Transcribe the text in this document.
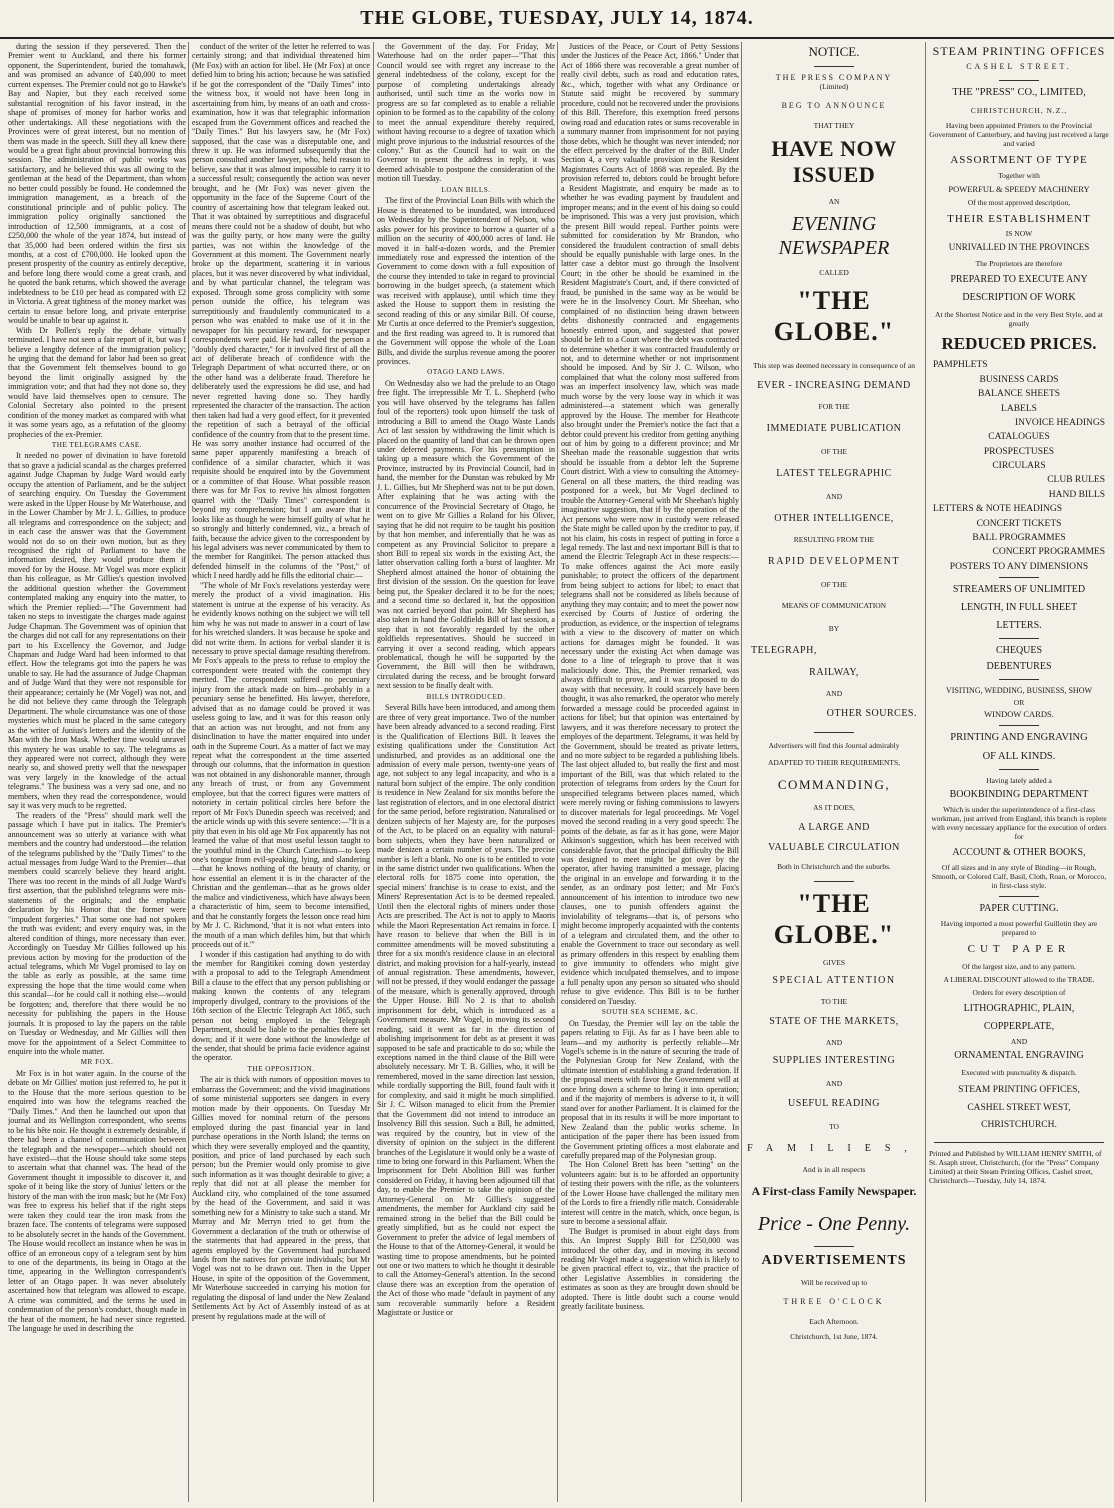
THE GLOBE, TUESDAY, JULY 14, 1874.

during the session if they persevered. Then the Premier went to Auckland, and there his former opponent, the Superintendent, buried the tomahawk, and was promised an advance of £40,000 to meet current expenses. The Premier could not go to Hawke's Bay and Napier, but they each received some substantial recognition of his favor instead, in the shape of promises of money for harbor works and other undertakings. All these negotiations with the Provinces were of great interest, but no mention of them was made in the speech. Still they all knew there would be a great fight about provincial borrowing this session. The administration of public works was satisfactory, and he believed this was all owing to the gentleman at the head of the Department, than whom no better could possibly be found. He condemned the immigration management, as a breach of the constitutional principle and of public policy. The immigration policy originally sanctioned the introduction of 12,500 immigrants, at a cost of £250,000 the whole of the year 1874, but instead of that 35,000 had been ordered within the first six months, at a cost of £700,000. He looked upon the present prosperity of the country as entirely deceptive, and before long there would come a great crash, and he quoted the bank returns, which showed the average indebtedness to be £10 per head as compared with £2 in Victoria. A great tightness of the money market was certain to ensue before long, and private enterprise would be unable to bear up against it.

With Dr Pollen's reply the debate virtually terminated. I have not seen a fair report of it, but was I believe a lengthy defence of the immigration policy; he urging that the demand for labor had been so great that the Government felt themselves bound to go beyond the limit originally assigned by the immigration vote; and that had they not done so, they would have laid themselves open to censure. The Colonial Secretary also pointed to the present condition of the money market as compared with what it was some years ago, as a refutation of the gloomy prophecies of the ex-Premier.

THE TELEGRAMS CASE.

It needed no power of divination to have foretold that so grave a judicial scandal as the charges preferred against Judge Chapman by Judge Ward would early occupy the attention of Parliament, and be the subject of searching enquiry. On Tuesday the Government were asked in the Upper House by Mr Waterhouse, and in the Lower Chamber by Mr J. L. Gillies, to produce all telegrams and correspondence on the subject; and in each case the answer was that the Government would not do so on their own motion, but as they recognised the right of Parliament to have the information desired, they would produce them if moved for by the House. Mr Vogel was more explicit than his colleague, as Mr Gillies's question involved the additional question whether the Government contemplated making any enquiry into the matter, to which the Premier replied:—"The Government had taken no steps to investigate the charges made against Judge Chapman. The Government was of opinion that the charges did not call for any representations on their part to his Excellency the Governor, and Judge Chapman and Judge Ward had been informed to that effect. How the telegrams got into the papers he was unable to say. He had the assurance of Judge Chapman and of Judge Ward that they were not responsible for their appearance; certainly he (Mr Vogel) was not, and he did not believe they came through the Telegraph Department. The whole circumstance was one of those mysteries which must be placed in the same category as the writer of Junius's letters and the identity of the Man with the Iron Mask. Whether time would unravel this mystery he was unable to say. The telegrams as they appeared were not correct, although they were nearly so, and showed pretty well that the newspaper was very largely in the knowledge of the actual telegrams." The business was a very sad one, and no members, when they read the correspondence, would say it was very much to be regretted.

The readers of the "Press" should mark well the passage which I have put in italics. The Premier's announcement was so utterly at variance with what members and the country had understood—the relation of the telegrams published by the "Daily Times" to the actual messages from Judge Ward to the Premier—that members could scarcely believe they heard aright. There was too recent in the minds of all Judge Ward's first assertion, that the published telegrams were mis-statements of the originals; and the emphatic declaration by his Honor that the former were "impudent forgeries." That some one had not spoken the truth was evident; and every enquiry was, in the altered condition of things, more necessary than ever. Accordingly on Tuesday Mr Gillies followed up his previous action by moving for the production of the actual telegrams, which Mr Vogel promised to lay on the table as early as possible, at the same time expressing the hope that the time would come when this scandal—for he could call it nothing else—would be forgotten; and, therefore that there would be no necessity for publishing the papers in the House journals. It is proposed to lay the papers on the table on Tuesday or Wednesday, and Mr Gillies will then move for the appointment of a Select Committee to enquire into the whole matter.

MR FOX.

Mr Fox is in hot water again. In the course of the debate on Mr Gillies' motion just referred to, he put it to the House that the more serious question to be enquired into was how the telegrams reached the "Daily Times." And then he launched out upon that journal and its Wellington correspondent, who seems to be his bête noir. He thought it extremely desirable, if there had been a channel of communication between the telegraph and the newspaper—which should not have existed—that the House should take some steps to ascertain what that channel was. The head of the Government thought it impossible to discover it, and spoke of it being like the story of Junius' letters or the history of the man with the iron mask; but he (Mr Fox) was free to express his belief that if the right steps were taken they could tear the iron mask from the brazen face. The contents of telegrams were supposed to be absolutely secret in the hands of the Government. The House would recollect an instance when he was in office of an erroneous copy of a telegram sent by him to one of the departments, its being in Otago at the time, appearing in the Wellington correspondent's letter of an Otago paper. It was never absolutely ascertained how that telegram was allowed to escape. A crime was committed, and the terms he used in condemnation of the person's conduct, though made in the heat of the moment, he had never since regretted. The language he used in describing the

conduct of the writer of the letter he referred to was certainly strong; and that individual threatened him (Mr Fox) with an action for libel. He (Mr Fox) at once defied him to bring his action; because he was satisfied if he got the correspondent of the "Daily Times" into the witness box, it would not have been long in ascertaining from him, by means of an oath and cross-examination, how it was that telegraphic information escaped from the Government offices and reached the "Daily Times." But his lawyers saw, he (Mr Fox) supposed, that the case was a disreputable one, and threw it up. He was informed subsequently that the person consulted another lawyer, who, held reason to believe, saw that it was almost impossible to carry it to a successful result; consequently the action was never brought, and he (Mr Fox) was never given the opportunity in the face of the Supreme Court of the country of ascertaining how that telegram leaked out. That it was obtained by surreptitious and disgraceful means there could not be a shadow of doubt, but who was the guilty party, or how many were the guilty parties, was not within the knowledge of the Government at this moment. The Government nearly broke up the department, scattering it in various places, but it was never discovered by what individual, and by what particular channel, the telegram was exposed. Through some gross complicity with some person outside the office, his telegram was surreptitiously and fraudulently communicated to a person who was enabled to make use of it in the newspaper for his pecuniary reward, for newspaper correspondents were paid. He had called the person a "doubly dyed character," for it involved first of all the act of deliberate breach of confidence with the Telegraph Department of what occurred there, or on the other hand was a deliberate fraud. Therefore he deliberately used the expressions he did use, and had never regretted having done so. They hardly represented the character of the transaction. The action then taken had had a very good effect, for it prevented the repetition of such a betrayal of the official confidence of the country from that to the present time. He was sorry another instance had occurred of the same paper apparently manifesting a breach of confidence of a similar character, which it was requisite should be enquired into by the Government or a committee of that House. What possible reason there was for Mr Fox to revive his almost forgotten quarrel with the "Daily Times" correspondent is beyond my comprehension; but I am aware that it looks like as though he were himself guilty of what he so strongly and bitterly condemned, viz., a breach of faith, because the advice given to the correspondent by his legal advisers was never communicated by them to the member for Rangitikei. The person attacked thus defended himself in the columns of the "Post," of which I need hardly add he fills the editorial chair:—

"The whole of Mr Fox's revelations yesterday were merely the product of a vivid imagination. His statement is untrue at the expense of his veracity. As he evidently knows nothing on the subject we will tell him why he was not made to answer in a court of law for his wretched slanders. It was because he spoke and did not write them. In actions for verbal slander it is necessary to prove special damage resulting therefrom. Mr Fox's appeals to the press to refuse to employ the correspondent were treated with the contempt they merited. The correspondent suffered no pecuniary injury from the attack made on him—probably in a pecuniary sense he benefitted. His lawyer, therefore, advised that as no damage could be proved it was useless going to law, and it was for this reason only that an action was not brought, and not from any disinclination to have the matter enquired into under oath in the Supreme Court. As a matter of fact we may repeat what the correspondent at the time asserted through our columns, that the information in question was not obtained in any dishonorable manner, through any breach of trust, or from any Government employee, but that the correct figures were matters of notoriety in certain political circles here before the report of Mr Fox's Dunedin speech was received; and the article winds up with this severe sentence:—"It is a pity that even in his old age Mr Fox apparently has not learned the value of that most useful lesson taught to the youthful mind in the Church Catechism—to keep one's tongue from evil-speaking, lying, and slandering—that he knows nothing of the beauty of charity, or how essential an element it is in the character of the Christian and the gentleman—that as he grows older the malice and vindictiveness, which have always been a characteristic of him, seem to become intensified, and that he constantly forgets the lesson once read him by Mr J. C. Richmond, 'that it is not what enters into the mouth of a man which defiles him, but that which proceeds out of it.'"

I wonder if this castigation had anything to do with the member for Rangitikei coming down yesterday with a proposal to add to the Telegraph Amendment Bill a clause to the effect that any person publishing or making known the contents of any telegram improperly divulged, contrary to the provisions of the 16th section of the Electric Telegraph Act 1865, such person not being employed in the Telegraph Department, should be liable to the penalties there set down; and if it were done without the knowledge of the sender, that should be prima facie evidence against the operator.

THE OPPOSITION.

The air is thick with rumors of opposition moves to embarrass the Government; and the vivid imaginations of some ministerial supporters see dangers in every motion made by their opponents. On Tuesday Mr Gillies moved for nominal return of the persons employed during the past financial year in land purchase operations in the North Island; the terms on which they were severally employed and the quantity, position, and price of land purchased by each such person; but the Premier would only promise to give such information as it was thought desirable to give; a reply that did not at all please the member for Auckland city, who complained of the tone assumed by the head of the Government, and said it was something new for a Ministry to take such a stand. Mr Murray and Mr Merryn tried to get from the Government a declaration of the truth or otherwise of the statements that had appeared in the press, that agents employed by the Government had purchased lands from the natives for private individuals; but Mr Vogel was not to be drawn out. Then in the Upper House, in spite of the opposition of the Government, Mr Waterhouse succeeded in carrying his motion for regulating the disposal of land under the New Zealand Settlements Act by Act of Assembly instead of as at present by regulations made at the will of

the Government of the day. For Friday, Mr Waterhouse had on the order paper—"That this Council would see with regret any increase to the general indebtedness of the colony, except for the purpose of completing undertakings already authorised, until such time as the works now in progress are so far completed as to enable a reliable opinion to be formed as to the capability of the colony to meet the annual expenditure thereby required, without having recourse to a degree of taxation which might prove injurious to the industrial resources of the colony." But as the Council had to wait on the Governor to present the address in reply, it was deemed advisable to postpone the consideration of the motion till Tuesday.

LOAN BILLS.

The first of the Provincial Loan Bills with which the House is threatened to be inundated, was introduced on Wednesday by the Superintendent of Nelson, who asks power for his province to borrow a quarter of a million on the security of 400,000 acres of land. He moved it in half-a-dozen words, and the Premier immediately rose and expressed the intention of the Government to come down with a full exposition of the course they intended to take in regard to provincial borrowing in the budget speech, (a statement which was received with applause), until which time they asked the House to support them in resisting the second reading of this or any similar Bill. Of course, Mr Curtis at once deferred to the Premier's suggestion, and the first reading was agreed to. It is rumored that the Government will oppose the whole of the Loan Bills, and divide the surplus revenue among the poorer provinces.

OTAGO LAND LAWS.

On Wednesday also we had the prelude to an Otago free fight. The irrepressible Mr T. L. Shepherd (who you will have observed by the telegrams has fallen foul of the reporters) took upon himself the task of introducing a Bill to amend the Otago Waste Lands Act of last session by withdrawing the limit which is placed on the quantity of land that can be thrown open under deferred payments. For his presumption in taking up a measure which the Government of the Province, instructed by its Provincial Council, had in hand, the member for the Dunstan was rebuked by Mr J. L. Gillies, but Mr Shepherd was not to be put down. After explaining that he was acting with the concurrence of the Provincial Secretary of Otago, he went on to give Mr Gillies a Roland for his Oliver, saying that he did not require to be taught his position by that hon member, and inferentially that he was as competent as any Provincial Solicitor to prepare a short Bill to repeal six words in the existing Act, the latter observation calling forth a burst of laughter. Mr Shepherd almost attained the honor of obtaining the first division of the session. On the question for leave being put, the Speaker declared it to be for the noes; and a second time so declared it, but the opposition was not carried beyond that point. Mr Shepherd has also taken in hand the Goldfields Bill of last session, a step that is not favorably regarded by the other goldfields representatives. Should he succeed in carrying it over a second reading, which appears problematical, though he will be supported by the Government, the Bill will then be withdrawn, circulated during the recess, and be brought forward next session to be finally dealt with.

BILLS INTRODUCED.

Several Bills have been introduced, and among them are three of very great importance. Two of the number have been already advanced to a second reading. First is the Qualification of Elections Bill. It leaves the existing qualifications under the Constitution Act undisturbed, and provides as an additional one the admission of every male person, twenty-one years of age, not subject to any legal incapacity, and who is a natural born subject of the empire. The only condition is residence in New Zealand for six months before the last registration of electors, and in one electoral district for the same period, before registration. Naturalised or denizen subjects of her Majesty are, for the purposes of the Act, to be placed on an equality with natural-born subjects, when they have been naturalized or made denizen a certain number of years. The precise number is left a blank. No one is to be entitled to vote in the same district under two qualifications. When the electoral rolls for 1875 come into operation, the special miners' franchise is to cease to exist, and the Miners' Representation Act is to be deemed repealed. Until then the electoral rights of miners under those Acts are prescribed. The Act is not to apply to Maoris while the Maori Representation Act remains in force. I have reason to believe that when the Bill is in committee amendments will be moved substituting a three for a six month's residence clause in an electoral district, and making provision for a half-yearly, instead of annual registration. These amendments, however, will not be pressed, if they would endanger the passage of the measure, which is generally approved, through the Upper House. Bill No 2 is that to abolish imprisonment for debt, which is introduced as a Government measure. Mr Vogel, in moving its second reading, said it went as far in the direction of abolishing imprisonment for debt as at present it was supposed to be safe and practicable to do so; while the exceptions named in the third clause of the Bill were absolutely necessary. Mr T. B. Gillies, who, it will be remembered, moved in the same direction last session, while cordially supporting the Bill, found fault with it for complexity, and said it might be much simplified. Sir J. C. Wilson managed to elicit from the Premier that the Government did not intend to introduce an Insolvency Bill this session. Such a Bill, he admitted, was required by the country, but in view of the diversity of opinion on the subject in the different branches of the Legislature it would only be a waste of time to bring one forward in this Parliament. When the Imprisonment for Debt Abolition Bill was further considered on Friday, it having been adjourned till that day, to enable the Premier to take the opinion of the Attorney-General on Mr Gillies's suggested amendments, the member for Auckland city said he remained strong in the belief that the Bill could be greatly simplified, but as he could not expect the Government to prefer the advice of legal members of the House to that of the Attorney-General, it would be wasting time to propose amendments, but he pointed out one or two matters to which he thought it desirable to call the Attorney-General's attention. In the second clause there was an exception from the operation of the Act of those who made "default in payment of any sum recoverable summarily before a Resident Magistrate or Justice or

Justices of the Peace, or Court of Petty Sessions under the Justices of the Peace Act, 1866." Under that Act of 1866 there was recoverable a great number of really civil debts, such as road and education rates, &c., which, together with what any Ordinance or Statute said might be recovered by summary procedure, could not be recovered under the provisions of this Bill. Therefore, this exemption freed persons owing road and education rates or sums recoverable in a summary manner from imprisonment for not paying those debts, which he thought was never intended; nor the effect perceived by the drafter of the Bill. Under Section 4, a very valuable provision in the Resident Magistrates Courts Act of 1868 was repealed. By the provision referred to, debtors could be brought before a Resident Magistrate, and enquiry be made as to whether he was evading payment by fraudulent and improper means; and in the event of his doing so could be imprisoned. This was a very just provision, which the present Bill would repeal. Further points were submitted for consideration by Mr Brandon, who considered the fraudulent contraction of small debts should be equally punishable with large ones. In the latter case a debtor must go through the Insolvent Court; in the other he should be examined in the Resident Magistrate's Court, and, if there convicted of fraud, be punished in the same way as he would be were he in the Insolvency Court. Mr Sheehan, who complained of no distinction being drawn between debts dishonestly contracted and engagements honestly entered upon, and suggested that power should be left to a Court where the debt was contracted to determine whether it was contracted fraudulently or not, and to determine whether or not imprisonment should be imposed. And by Sir J. C. Wilson, who complained that what the colony most suffered from was an imperfect insolvency law, which was made much worse by the very loose way in which it was administered—a statement which was generally approved by the House. The member for Heathcote also brought under the Premier's notice the fact that a debtor could prevent his creditor from getting anything out of him by going to a different province; and Mr Sheehan made the reasonable suggestion that writs should be issuable from a debtor left the Supreme Court district. With a view to consulting the Attorney-General on all these matters, the third reading was postponed for a week, but Mr Vogel declined to trouble the Attorney-General with Mr Sheehan's highly imaginative suggestion, that if by the operation of the Act persons who were now in custody were released the State might be called upon by the creditor to pay, if not his claim, his costs in respect of putting in force a legal remedy. The last and next important Bill is that to amend the Electric Telegraph Act in these respects:—To make offences against the Act more easily punishable; to protect the officers of the department from being subject to actions for libel; to enact that telegrams shall not be considered as libels because of anything they may contain; and to meet the power now exercised by Courts of Justice of ordering the production, as evidence, or the inspection of telegrams with a view to the discovery of matter on which actions for damages might be founded. It was necessary under the existing Act when damage was done to a line of telegraph to prove that it was maliciously done. This, the Premier remarked, was always difficult to prove, and it was proposed to do away with that necessity. It could scarcely have been thought, it was also remarked, the operator who merely forwarded a message could be proceeded against in actions for libel; but that opinion was entertained by lawyers, and it was therefore necessary to protect the employes of the department. Telegrams, it was held by the Government, should be treated as private letters, and no more subject to be regarded a publishing libels. The last object alluded to, but really the first and most important of the Bill, was that which related to the protection of telegrams from orders by the Court for unspecified telegrams between places named, which were merely roving or fishing commissions to lawyers to discover materials for legal proceedings. Mr Vogel moved the second reading in a very good speech: The points of the debate, as far as it has gone, were Major Atkinson's suggestion, which has been received with considerable favor, that the principal difficulty the Bill was designed to meet might be got over by the operator, after having transmitted a message, placing the original in an envelope and forwarding it to the sender, as an ordinary post letter; and Mr Fox's announcement of his intention to introduce two new clauses, one to punish offenders against the inviolability of telegrams—that is, of persons who might become improperly acquainted with the contents of a telegram and circulated them, and the other to enable the Government to trace out secondary as well as primary offenders in this respect by enabling them to give immunity to offenders who might give evidence which inculpated themselves, and to impose a full penalty upon any person so situated who should refuse to give evidence. This Bill is to be further considered on Tuesday.

SOUTH SEA SCHEME, &C.

On Tuesday, the Premier will lay on the table the papers relating to Fiji. As far as I have been able to learn—and my authority is perfectly reliable—Mr Vogel's scheme is in the nature of securing the trade of the Polynesian Group for New Zealand, with the ultimate intention of establishing a grand federation. If the proposal meets with favor the Government will at once bring down a scheme to bring it into operation; and if the majority of members is adverse to it, it will stand over for another Parliament. It is claimed for the proposal that in its results it will be more important to New Zealand than the public works scheme. In anticipation of the paper there has been issued from the Government printing offices a most elaborate and carefully prepared map of the Polynesian group.

The Hon Colonel Brett has been "setting" on the volunteers again: but is to be afforded an opportunity of testing their powers with the rifle, as the volunteers of the Lower House have challenged the military men of the Lords to fire a friendly rifle match. Considerable interest will centre in the match, which, once begun, is sure to become a sessional affair.

The Budget is promised in about eight days from this. An Imprest Supply Bill for £250,000 was introduced the other day, and in moving its second reading Mr Vogel made a suggestion which is likely to be given practical effect to, viz., that the practice of other Legislative Assemblies in considering the estimates as soon as they are brought down should be adopted. There is little doubt such a course would greatly facilitate business.

NOTICE.
THE PRESS COMPANY
(Limited)
BEG TO ANNOUNCE
THAT THEY
HAVE NOW ISSUED
AN
EVENING NEWSPAPER
CALLED
"THE GLOBE."
This step was deemed necessary in consequence of an
EVER - INCREASING DEMAND
FOR THE
IMMEDIATE PUBLICATION
OF THE
LATEST TELEGRAPHIC
AND
OTHER INTELLIGENCE,
RESULTING FROM THE
RAPID DEVELOPMENT
OF THE
MEANS OF COMMUNICATION
BY
TELEGRAPH,
RAILWAY,
AND
OTHER SOURCES.
Advertisers will find this Journal admirably
ADAPTED TO THEIR REQUIREMENTS,
COMMANDING,
AS IT DOES,
A LARGE AND
VALUABLE CIRCULATION
Both in Christchurch and the suburbs.
"THE GLOBE."
GIVES
SPECIAL ATTENTION
TO THE
STATE OF THE MARKETS,
AND
SUPPLIES INTERESTING
AND
USEFUL READING
TO
FAMILIES,
And is in all respects
A First-class Family Newspaper.
Price - One Penny.
ADVERTISEMENTS
Will be received up to
THREE O'CLOCK
Each Afternoon.
Christchurch, 1st June, 1874.
STEAM PRINTING OFFICES
CASHEL STREET.
THE "PRESS" CO., LIMITED,
CHRISTCHURCH, N.Z.,
Having been appointed Printers to the Provincial Government of Canterbury, and having just received a large and varied
ASSORTMENT OF TYPE
Together with
POWERFUL & SPEEDY MACHINERY
Of the most approved description,
THEIR ESTABLISHMENT
IS NOW
UNRIVALLED IN THE PROVINCES
The Proprietors are therefore
PREPARED TO EXECUTE ANY
DESCRIPTION OF WORK
At the Shortest Notice and in the very Best Style, and at greatly
REDUCED PRICES.
PAMPHLETS
BUSINESS CARDS
BALANCE SHEETS
LABELS
INVOICE HEADINGS
CATALOGUES
PROSPECTUSES
CIRCULARS
CLUB RULES
HAND BILLS
LETTERS & NOTE HEADINGS
CONCERT TICKETS
BALL PROGRAMMES
CONCERT PROGRAMMES
POSTERS TO ANY DIMENSIONS
STREAMERS OF UNLIMITED
LENGTH, IN FULL SHEET
LETTERS.
CHEQUES
DEBENTURES
VISITING, WEDDING, BUSINESS, SHOW
OR
WINDOW CARDS.
PRINTING AND ENGRAVING
OF ALL KINDS.
Having lately added a
BOOKBINDING DEPARTMENT
Which is under the superintendence of a first-class workman, just arrived from England, this branch is replete with every necessary appliance for the execution of orders for
ACCOUNT & OTHER BOOKS,
Of all sizes and in any style of Binding—in Rough, Smooth, or Colored Calf, Basil, Cloth, Roan, or Morocco, in first-class style.
PAPER CUTTING.
Having imported a most powerful Guillotin they are prepared to
CUT PAPER
Of the largest size, and to any pattern.
A LIBERAL DISCOUNT allowed to the TRADE.
Orders for every description of
LITHOGRAPHIC, PLAIN,
COPPERPLATE,
AND
ORNAMENTAL ENGRAVING
Executed with punctuality & dispatch.
STEAM PRINTING OFFICES,
CASHEL STREET WEST,
CHRISTCHURCH.
Printed and Published by WILLIAM HENRY SMITH, of St. Asaph street, Christchurch, (for the "Press" Company Limited) at their Steam Printing Offices, Cashel street, Christchurch—Tuesday, July 14, 1874.
